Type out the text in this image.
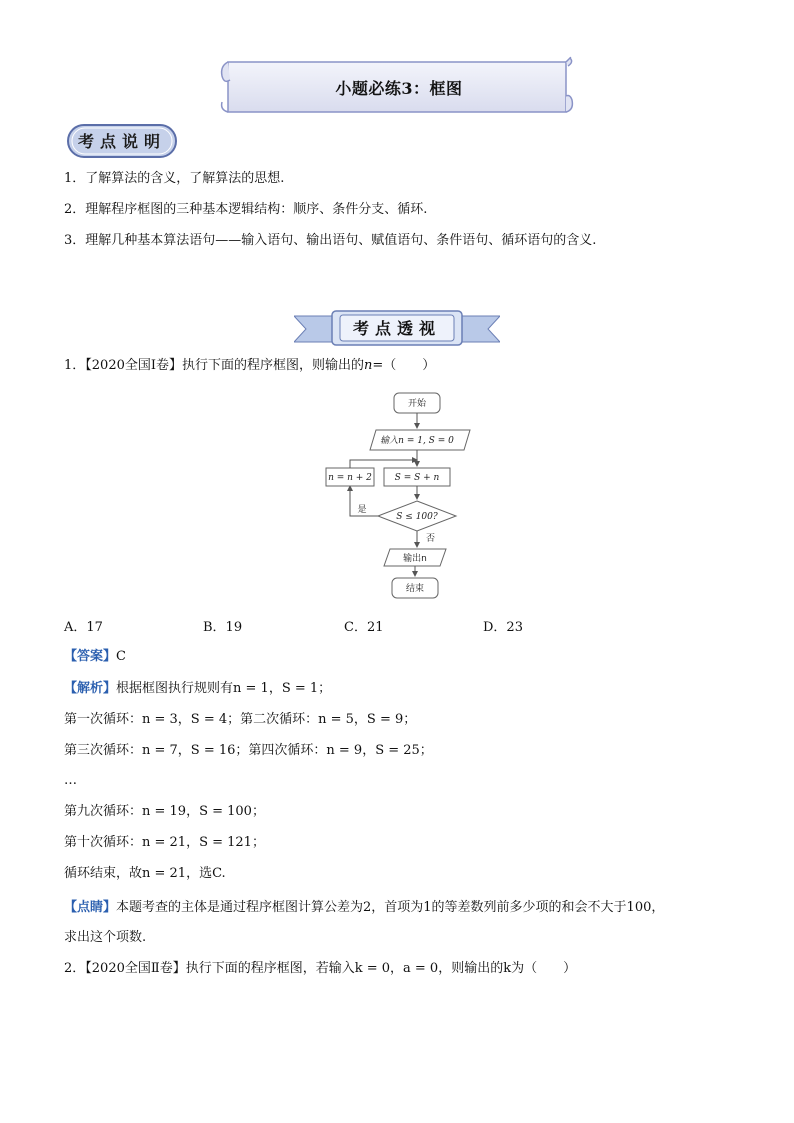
小题必练3：框图
考点说明
1．了解算法的含义，了解算法的思想.
2．理解程序框图的三种基本逻辑结构：顺序、条件分支、循环.
3．理解几种基本算法语句——输入语句、输出语句、赋值语句、条件语句、循环语句的含义.
考点透视
1．【2020全国Ⅰ卷】执行下面的程序框图，则输出的n=（　　）
开始
输入n = 1, S = 0
S = S + n
S ≤ 100?
是
n = n + 2
否
输出n
结束
A．17	B．19	C．21	D．23
【答案】C
【解析】根据框图执行规则有n = 1，S = 1；
第一次循环：n = 3，S = 4；第二次循环：n = 5，S = 9；
第三次循环：n = 7，S = 16；第四次循环：n = 9，S = 25；
…
第九次循环：n = 19，S = 100；
第十次循环：n = 21，S = 121；
循环结束，故n = 21，选C.
【点睛】本题考查的主体是通过程序框图计算公差为2，首项为1的等差数列前多少项的和会不大于100，
求出这个项数.
2．【2020全国Ⅱ卷】执行下面的程序框图，若输入k = 0，a = 0，则输出的k为（　　）
